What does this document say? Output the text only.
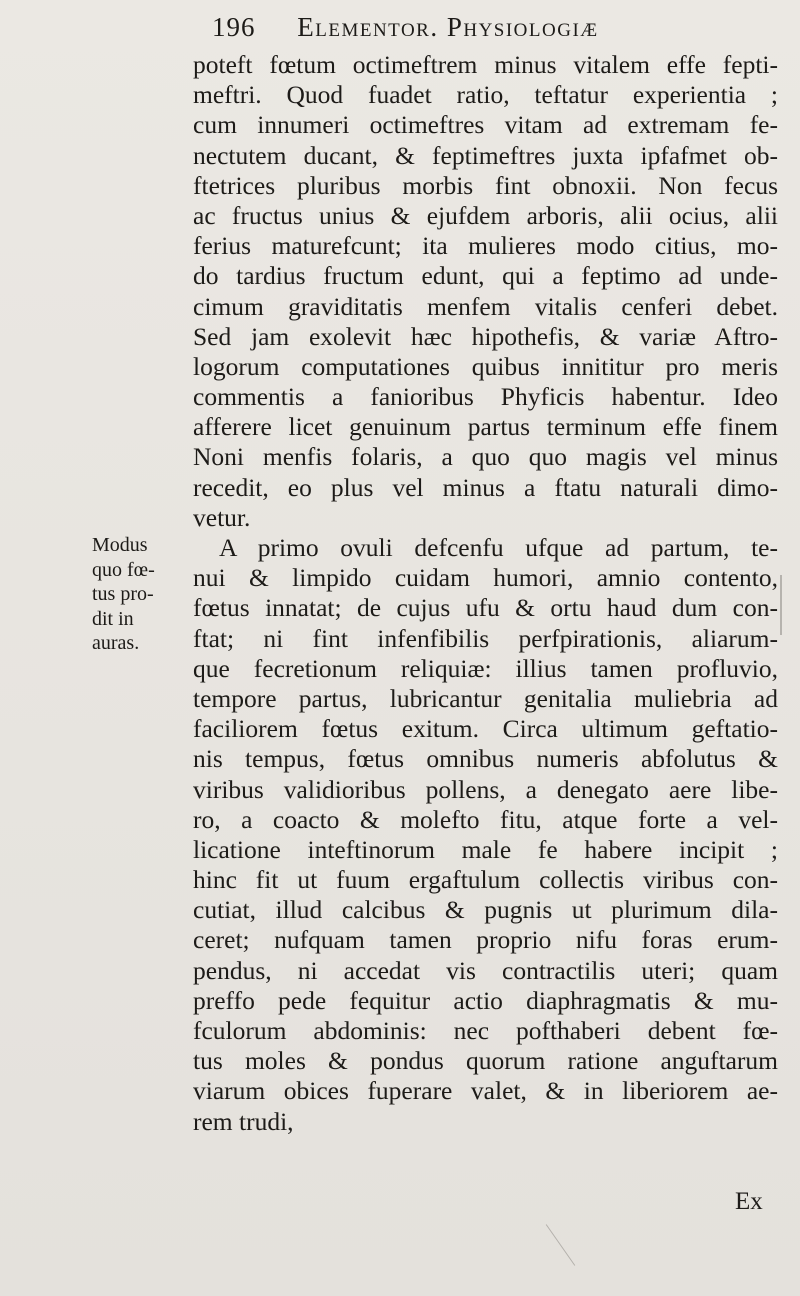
196 Elementor. Physiologiæ
Modus
quo fœ-
tus pro-
dit in
auras.
poteft fœtum octimeftrem minus vitalem effe fepti-
meftri. Quod fuadet ratio, teftatur experientia ;
cum innumeri octimeftres vitam ad extremam fe-
nectutem ducant, & feptimeftres juxta ipfafmet ob-
ftetrices pluribus morbis fint obnoxii. Non fecus
ac fructus unius & ejufdem arboris, alii ocius, alii
ferius maturefcunt; ita mulieres modo citius, mo-
do tardius fructum edunt, qui a feptimo ad unde-
cimum graviditatis menfem vitalis cenferi debet.
Sed jam exolevit hæc hipothefis, & variæ Aftro-
logorum computationes quibus innititur pro meris
commentis a fanioribus Phyficis habentur. Ideo
afferere licet genuinum partus terminum effe finem
Noni menfis folaris, a quo quo magis vel minus
recedit, eo plus vel minus a ftatu naturali dimo-
vetur.
A primo ovuli defcenfu ufque ad partum, te-
nui & limpido cuidam humori, amnio contento,
fœtus innatat; de cujus ufu & ortu haud dum con-
ftat; ni fint infenfibilis perfpirationis, aliarum-
que fecretionum reliquiæ: illius tamen profluvio,
tempore partus, lubricantur genitalia muliebria ad
faciliorem fœtus exitum. Circa ultimum geftatio-
nis tempus, fœtus omnibus numeris abfolutus &
viribus validioribus pollens, a denegato aere libe-
ro, a coacto & molefto fitu, atque forte a vel-
licatione inteftinorum male fe habere incipit ;
hinc fit ut fuum ergaftulum collectis viribus con-
cutiat, illud calcibus & pugnis ut plurimum dila-
ceret; nufquam tamen proprio nifu foras erum-
pendus, ni accedat vis contractilis uteri; quam
preffo pede fequitur actio diaphragmatis & mu-
fculorum abdominis: nec pofthaberi debent fœ-
tus moles & pondus quorum ratione anguftarum
viarum obices fuperare valet, & in liberiorem ae-
rem trudi,
Ex
